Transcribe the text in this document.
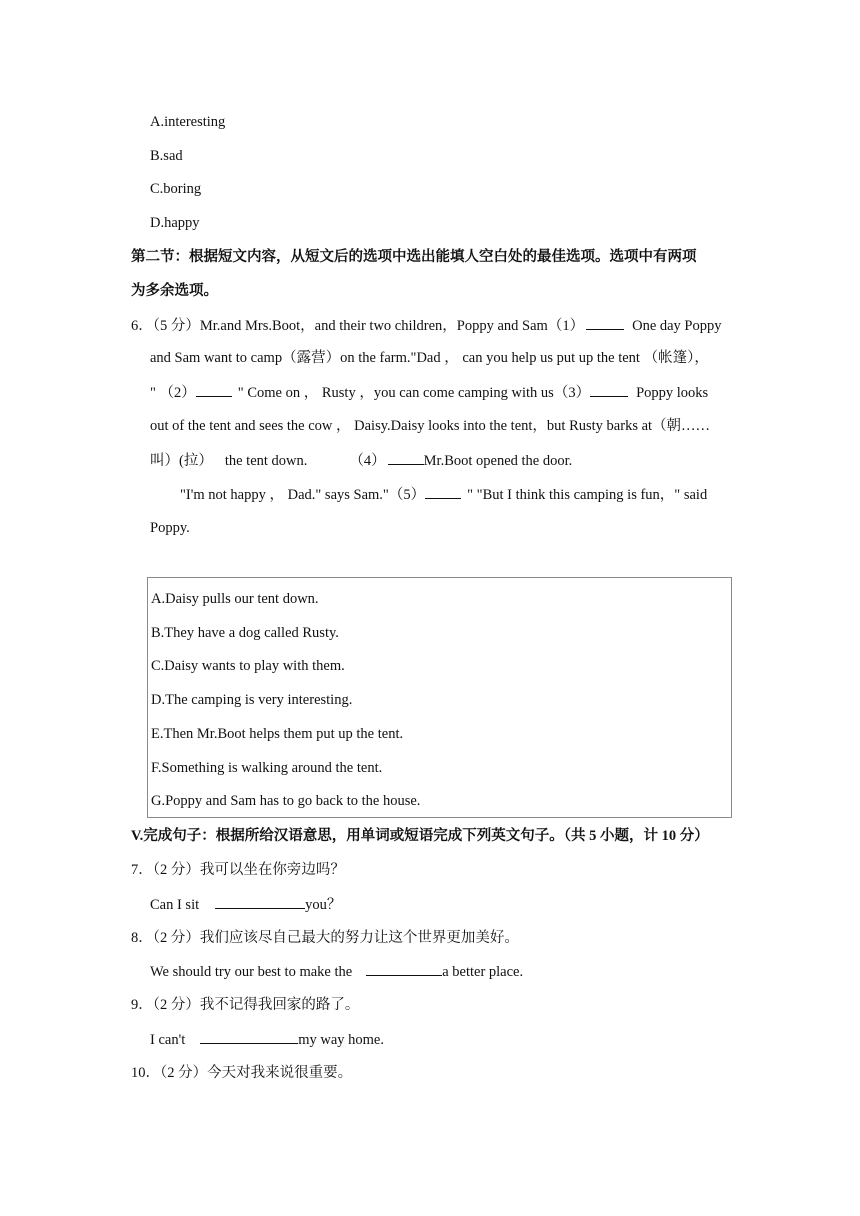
A.interesting
B.sad
C.boring
D.happy
第二节：根据短文内容，从短文后的选项中选出能填人空白处的最佳选项。选项中有两项
为多余选项。
6．（5 分）Mr.and Mrs.Boot，and their two children，Poppy and Sam（1）	One day Poppy
and Sam want to camp（露营）on the farm."Dad ， can you help us put up the tent （帐篷），
" （2）	" Come on ， Rusty ，you can come camping with us（3）	Poppy looks
out of the tent and sees the cow ， Daisy.Daisy looks into the tent，but Rusty barks at（朝……
叫）(拉） the tent down.	（4）	Mr.Boot opened the door.
"I'm not happy ， Dad." says Sam."（5）	" "But I think this camping is fun，" said
Poppy.
A.Daisy pulls our tent down.
B.They have a dog called Rusty.
C.Daisy wants to play with them.
D.The camping is very interesting.
E.Then Mr.Boot helps them put up the tent.
F.Something is walking around the tent.
G.Poppy and Sam has to go back to the house.
V.完成句子：根据所给汉语意思，用单词或短语完成下列英文句子。（共 5 小题，计 10 分）
7．（2 分）我可以坐在你旁边吗？
Can I sit	you？
8．（2 分）我们应该尽自己最大的努力让这个世界更加美好。
We should try our best to make the	a better place.
9．（2 分）我不记得我回家的路了。
I can't	my way home.
10．（2 分）今天对我来说很重要。
